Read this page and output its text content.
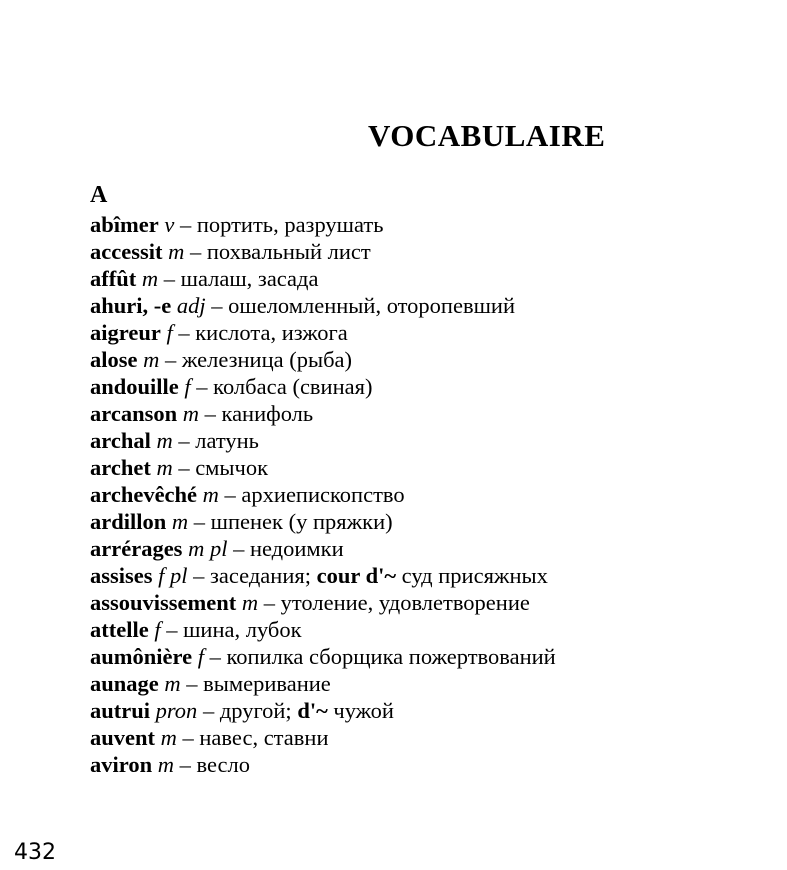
VOCABULAIRE
A
abîmer v – портить, разрушать
accessit m – похвальный лист
affût m – шалаш, засада
ahuri, -e adj – ошеломленный, оторопевший
aigreur f – кислота, изжога
alose m – железница (рыба)
andouille f – колбаса (свиная)
arcanson m – канифоль
archal m – латунь
archet m – смычок
archevêché m – архиепископство
ardillon m – шпенек (у пряжки)
arrérages m pl – недоимки
assises f pl – заседания; cour d'~ суд присяжных
assouvissement m – утоление, удовлетворение
attelle f – шина, лубок
aumônière f – копилка сборщика пожертвований
aunage m – вымеривание
autrui pron – другой; d'~ чужой
auvent m – навес, ставни
aviron m – весло
432
